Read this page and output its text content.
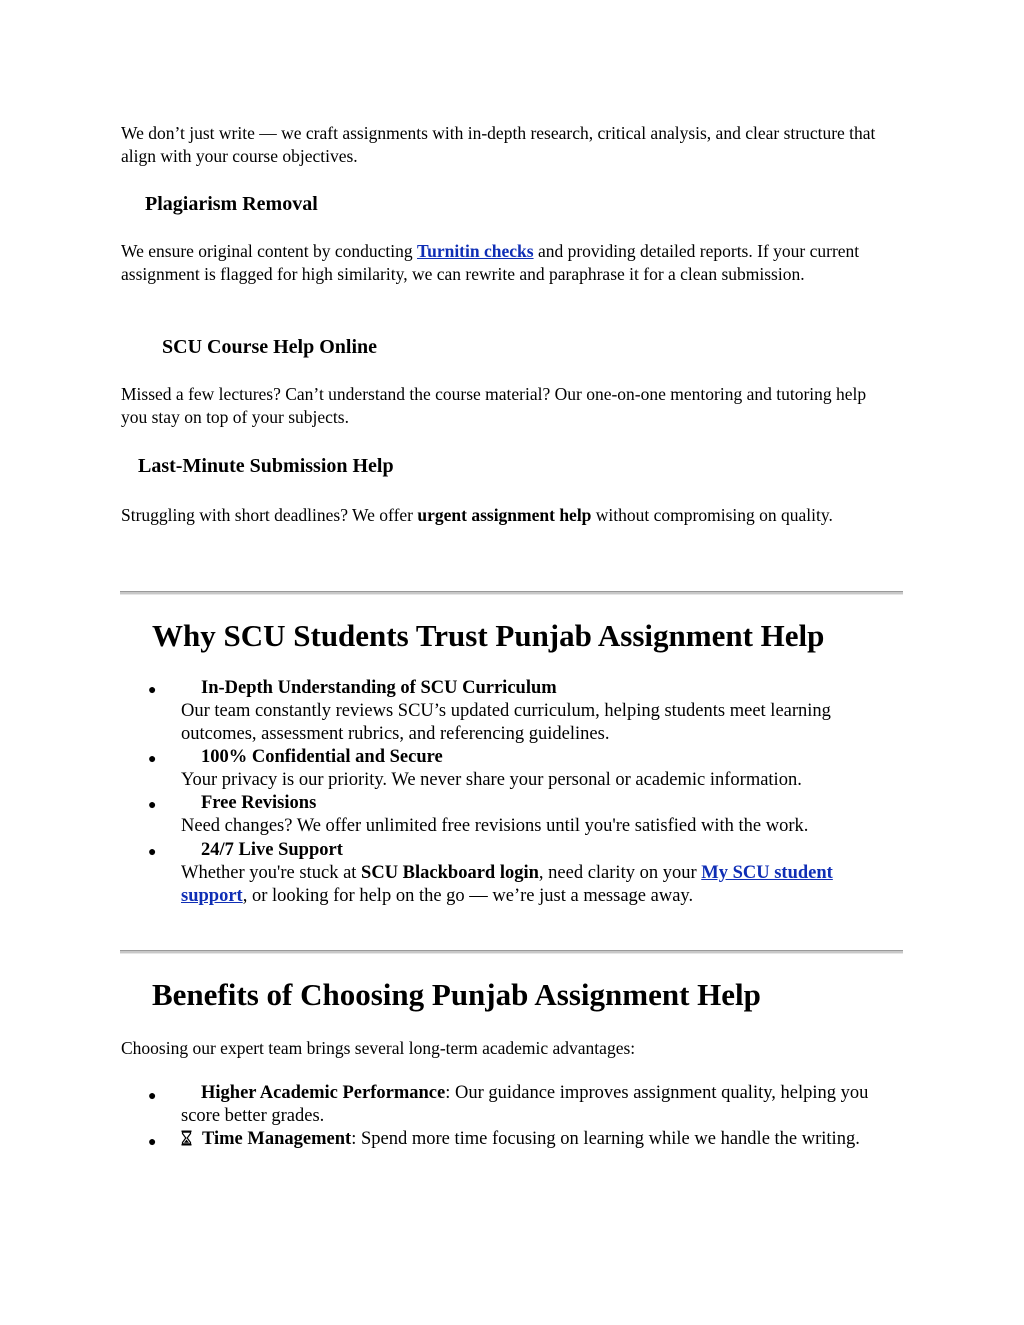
We don’t just write — we craft assignments with in-depth research, critical analysis, and clear structure that align with your course objectives.

Plagiarism Removal

We ensure original content by conducting Turnitin checks and providing detailed reports. If your current assignment is flagged for high similarity, we can rewrite and paraphrase it for a clean submission.

SCU Course Help Online

Missed a few lectures? Can’t understand the course material? Our one-on-one mentoring and tutoring help you stay on top of your subjects.

Last-Minute Submission Help

Struggling with short deadlines? We offer urgent assignment help without compromising on quality.

Why SCU Students Trust Punjab Assignment Help
●	In-Depth Understanding of SCU Curriculum
Our team constantly reviews SCU’s updated curriculum, helping students meet learning outcomes, assessment rubrics, and referencing guidelines.
●	100% Confidential and Secure
Your privacy is our priority. We never share your personal or academic information.
●	Free Revisions
Need changes? We offer unlimited free revisions until you're satisfied with the work.
●	24/7 Live Support
Whether you're stuck at SCU Blackboard login, need clarity on your My SCU student support, or looking for help on the go — we’re just a message away.
Benefits of Choosing Punjab Assignment Help

Choosing our expert team brings several long-term academic advantages:

●	Higher Academic Performance: Our guidance improves assignment quality, helping you score better grades.
●	Time Management: Spend more time focusing on learning while we handle the writing.
